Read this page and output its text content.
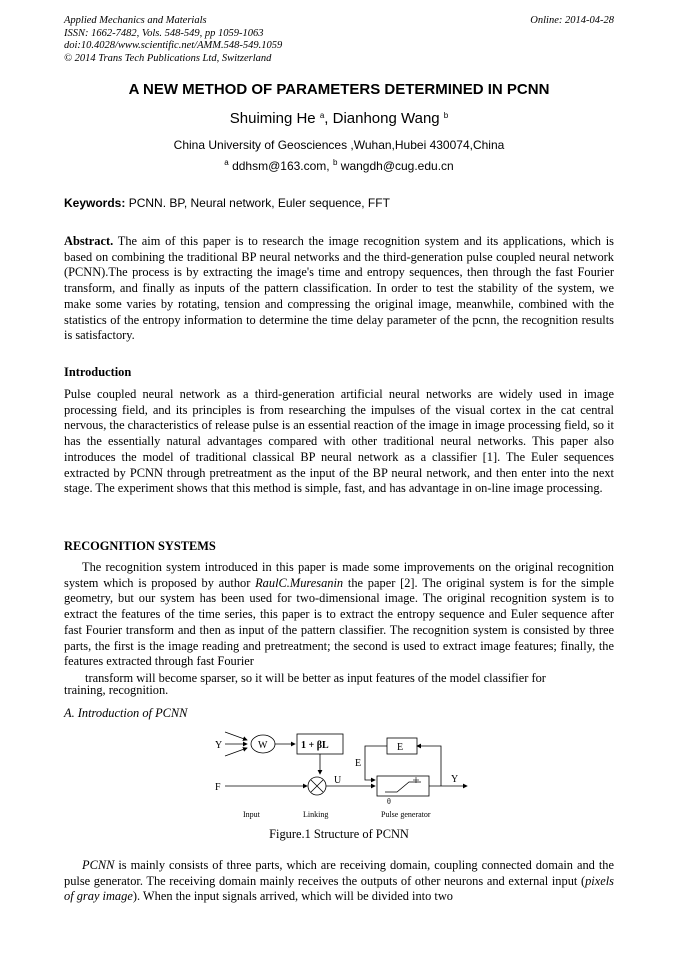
Applied Mechanics and Materials
ISSN: 1662-7482, Vols. 548-549, pp 1059-1063
doi:10.4028/www.scientific.net/AMM.548-549.1059
© 2014 Trans Tech Publications Ltd, Switzerland
Online: 2014-04-28
A NEW METHOD OF PARAMETERS DETERMINED IN PCNN
Shuiming He $^a$, Dianhong Wang $^b$
China University of Geosciences ,Wuhan,Hubei 430074,China
$^a$ ddhsm@163.com, $^b$ wangdh@cug.edu.cn
Keywords: PCNN. BP, Neural network, Euler sequence, FFT
Abstract. The aim of this paper is to research the image recognition system and its applications, which is based on combining the traditional BP neural networks and the third-generation pulse coupled neural network (PCNN).The process is by extracting the image's time and entropy sequences, then through the fast Fourier transform, and finally as inputs of the pattern classification. In order to test the stability of the system, we make some varies by rotating, tension and compressing the original image, meanwhile, combined with the statistics of the entropy information to determine the time delay parameter of the pcnn, the recognition results is satisfactory.
Introduction
Pulse coupled neural network as a third-generation artificial neural networks are widely used in image processing field, and its principles is from researching the impulses of the visual cortex in the cat central nervous, the characteristics of release pulse is an essential reaction of the image in image processing field, so it has the essentially natural advantages compared with other traditional neural networks. This paper also introduces the model of traditional classical BP neural network as a classifier [1]. The Euler sequences extracted by PCNN through pretreatment as the input of the BP neural network, and then enter into the next stage. The experiment shows that this method is simple, fast, and has advantage in on-line image processing.
RECOGNITION SYSTEMS
The recognition system introduced in this paper is made some improvements on the original recognition system which is proposed by author RaulC.Muresanin the paper [2]. The original system is for the simple geometry, but our system has been used for two-dimensional image. The original recognition system is to extract the features of the time series, this paper is to extract the entropy sequence and Euler sequence after fast Fourier transform and then as input of the pattern classifier. The recognition system is consisted by three parts, the first is the image reading and pretreatment; the second is used to extract image features; finally, the features extracted through fast Fourier
transform will become sparser, so it will be better as input features of the model classifier for
training, recognition.
A. Introduction of PCNN
Y	W	1 + βL
F
U
E
θ
Y
E
Input	Linking	Pulse generator
Figure.1 Structure of PCNN
PCNN is mainly consists of three parts, which are receiving domain, coupling connected domain and the pulse generator. The receiving domain mainly receives the outputs of other neurons and external input (pixels of gray image). When the input signals arrived, which will be divided into two
